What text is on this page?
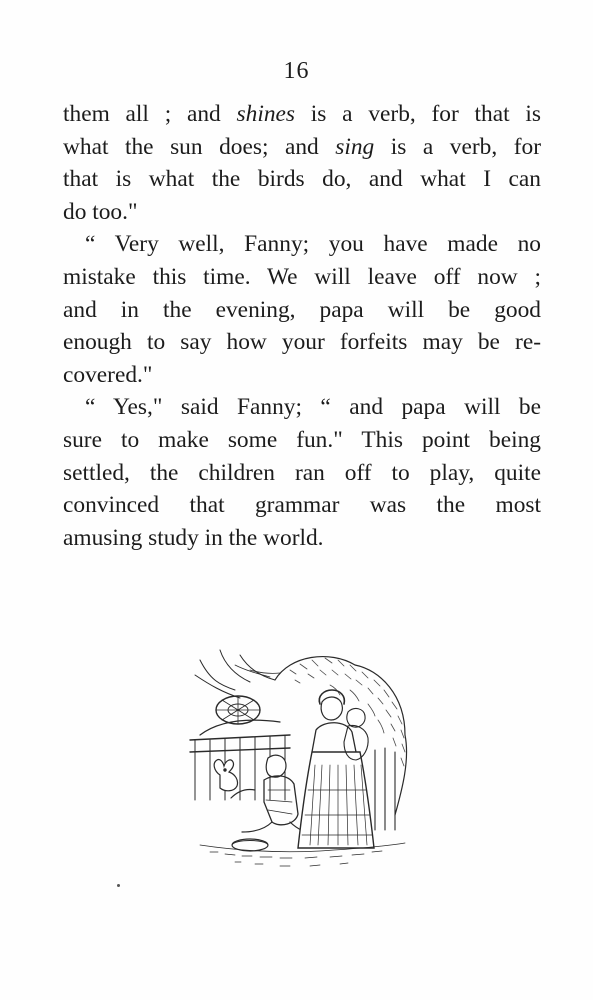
16
them all ; and shines is a verb, for that is
what the sun does; and sing is a verb, for
that is what the birds do, and what I can
do too."
“ Very well, Fanny; you have made no
mistake this time. We will leave off now ;
and in the evening, papa will be good
enough to say how your forfeits may be re-
covered."
“ Yes," said Fanny; “ and papa will be
sure to make some fun." This point being
settled, the children ran off to play, quite
convinced that grammar was the most
amusing study in the world.
